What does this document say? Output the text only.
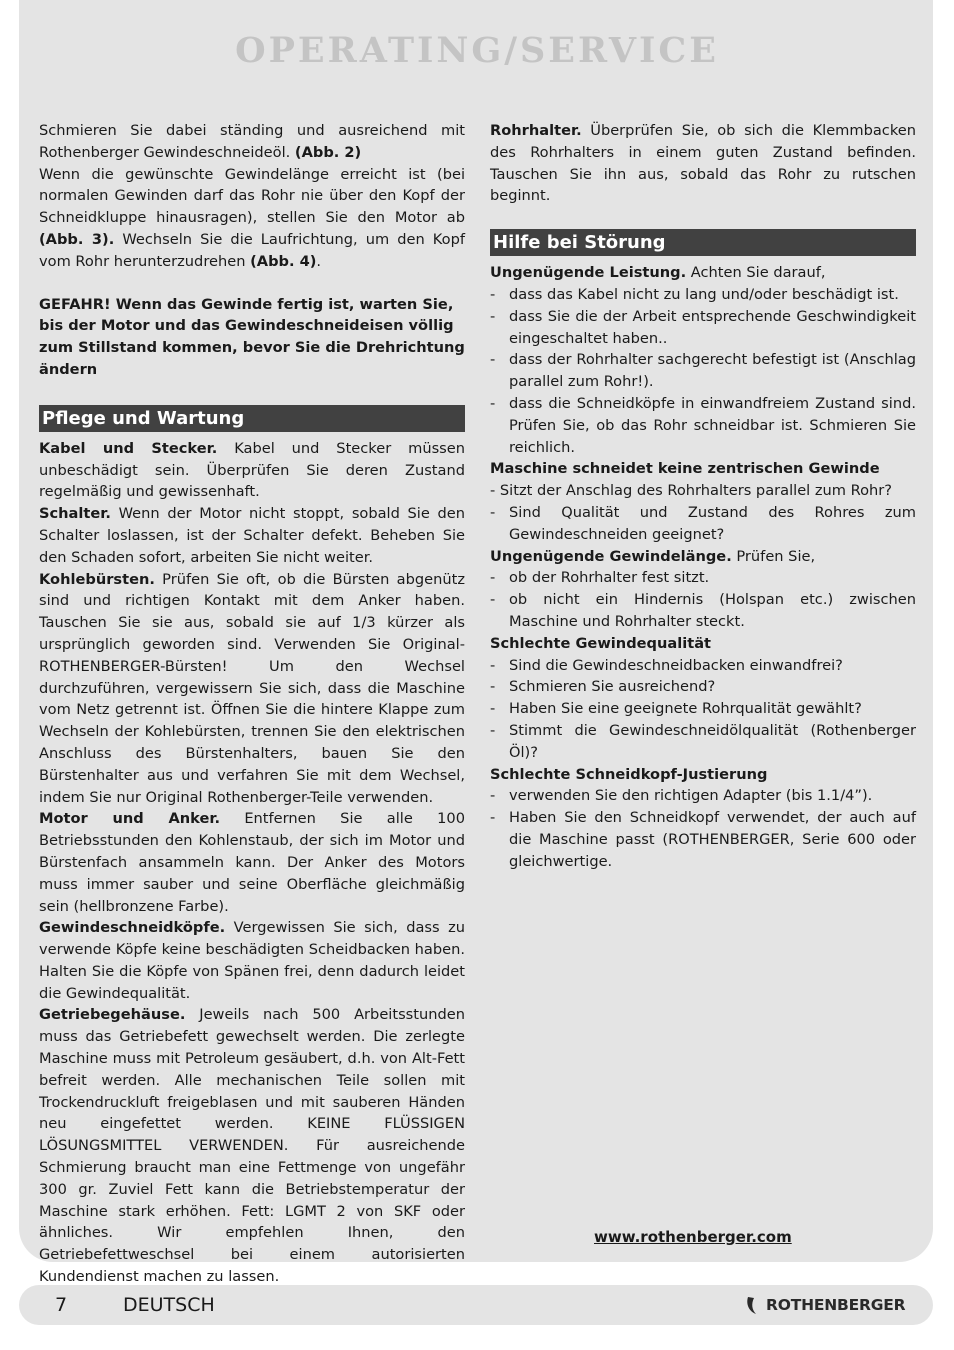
OPERATING/SERVICE

Schmieren Sie dabei ständing und ausreichend mit Rothenberger Gewindeschneideöl. (Abb. 2)
Wenn die gewünschte Gewindelänge erreicht ist (bei normalen Gewinden darf das Rohr nie über den Kopf der Schneidkluppe hinausragen), stellen Sie den Motor ab (Abb. 3). Wechseln Sie die Laufrichtung, um den Kopf vom Rohr herunterzudrehen (Abb. 4).

GEFAHR! Wenn das Gewinde fertig ist, warten Sie, bis der Motor und das Gewindeschneideisen völlig zum Stillstand kommen, bevor Sie die Drehrichtung ändern

Pflege und Wartung

Kabel und Stecker. Kabel und Stecker müssen unbeschädigt sein. Überprüfen Sie deren Zustand regelmäßig und gewissenhaft.

Schalter. Wenn der Motor nicht stoppt, sobald Sie den Schalter loslassen, ist der Schalter defekt. Beheben Sie den Schaden sofort, arbeiten Sie nicht weiter.

Kohlebürsten. Prüfen Sie oft, ob die Bürsten abgenütz sind und richtigen Kontakt mit dem Anker haben. Tauschen Sie sie aus, sobald sie auf 1/3 kürzer als ursprünglich geworden sind. Verwenden Sie Original- ROTHENBERGER-Bürsten! Um den Wechsel durchzuführen, vergewissern Sie sich, dass die Maschine vom Netz getrennt ist. Öffnen Sie die hintere Klappe zum Wechseln der Kohlebürsten, trennen Sie den elektrischen Anschluss des Bürstenhalters, bauen Sie den Bürstenhalter aus und verfahren Sie mit dem Wechsel, indem Sie nur Original Rothenberger-Teile verwenden.

Motor und Anker. Entfernen Sie alle 100 Betriebsstunden den Kohlenstaub, der sich im Motor und Bürstenfach ansammeln kann. Der Anker des Motors muss immer sauber und seine Oberfläche gleichmäßig sein (hellbronzene Farbe).

Gewindeschneidköpfe. Vergewissen Sie sich, dass zu verwende Köpfe keine beschädigten Scheidbacken haben. Halten Sie die Köpfe von Spänen frei, denn dadurch leidet die Gewindequalität.

Getriebegehäuse. Jeweils nach 500 Arbeitsstunden muss das Getriebefett gewechselt werden. Die zerlegte Maschine muss mit Petroleum gesäubert, d.h. von Alt-Fett befreit werden. Alle mechanischen Teile sollen mit Trockendruckluft freigeblasen und mit sauberen Händen neu eingefettet werden. KEINE FLÜSSIGEN LÖSUNGSMITTEL VERWENDEN. Für ausreichende Schmierung braucht man eine Fettmenge von ungefähr 300 gr. Zuviel Fett kann die Betriebstemperatur der Maschine stark erhöhen. Fett: LGMT 2 von SKF oder ähnliches. Wir empfehlen Ihnen, den Getriebefettweschsel bei einem autorisierten Kundendienst machen zu lassen.

Rohrhalter. Überprüfen Sie, ob sich die Klemmbacken des Rohrhalters in einem guten Zustand befinden. Tauschen Sie ihn aus, sobald das Rohr zu rutschen beginnt.

Hilfe bei Störung

Ungenügende Leistung. Achten Sie darauf,

- dass das Kabel nicht zu lang und/oder beschädigt ist.
- dass Sie die der Arbeit entsprechende Geschwindigkeit eingeschaltet haben..
- dass der Rohrhalter sachgerecht befestigt ist (Anschlag parallel zum Rohr!).
- dass die Schneidköpfe in einwandfreiem Zustand sind. Prüfen Sie, ob das Rohr schneidbar ist. Schmieren Sie reichlich.

Maschine schneidet keine zentrischen Gewinde

- Sitzt der Anschlag des Rohrhalters parallel zum Rohr?

- Sind Qualität und Zustand des Rohres zum Gewindeschneiden geeignet?

Ungenügende Gewindelänge. Prüfen Sie,

- ob der Rohrhalter fest sitzt.
- ob nicht ein Hindernis (Holspan etc.) zwischen Maschine und Rohrhalter steckt.

Schlechte Gewindequalität

- Sind die Gewindeschneidbacken einwandfrei?
- Schmieren Sie ausreichend?
- Haben Sie eine geeignete Rohrqualität gewählt?
- Stimmt die Gewindeschneidölqualität (Rothenberger Öl)?

Schlechte Schneidkopf-Justierung

- verwenden Sie den richtigen Adapter (bis 1.1/4”).
- Haben Sie den Schneidkopf verwendet, der auch auf die Maschine passt (ROTHENBERGER, Serie 600 oder gleichwertige.
www.rothenberger.com
7	DEUTSCH	ROTHENBERGER
